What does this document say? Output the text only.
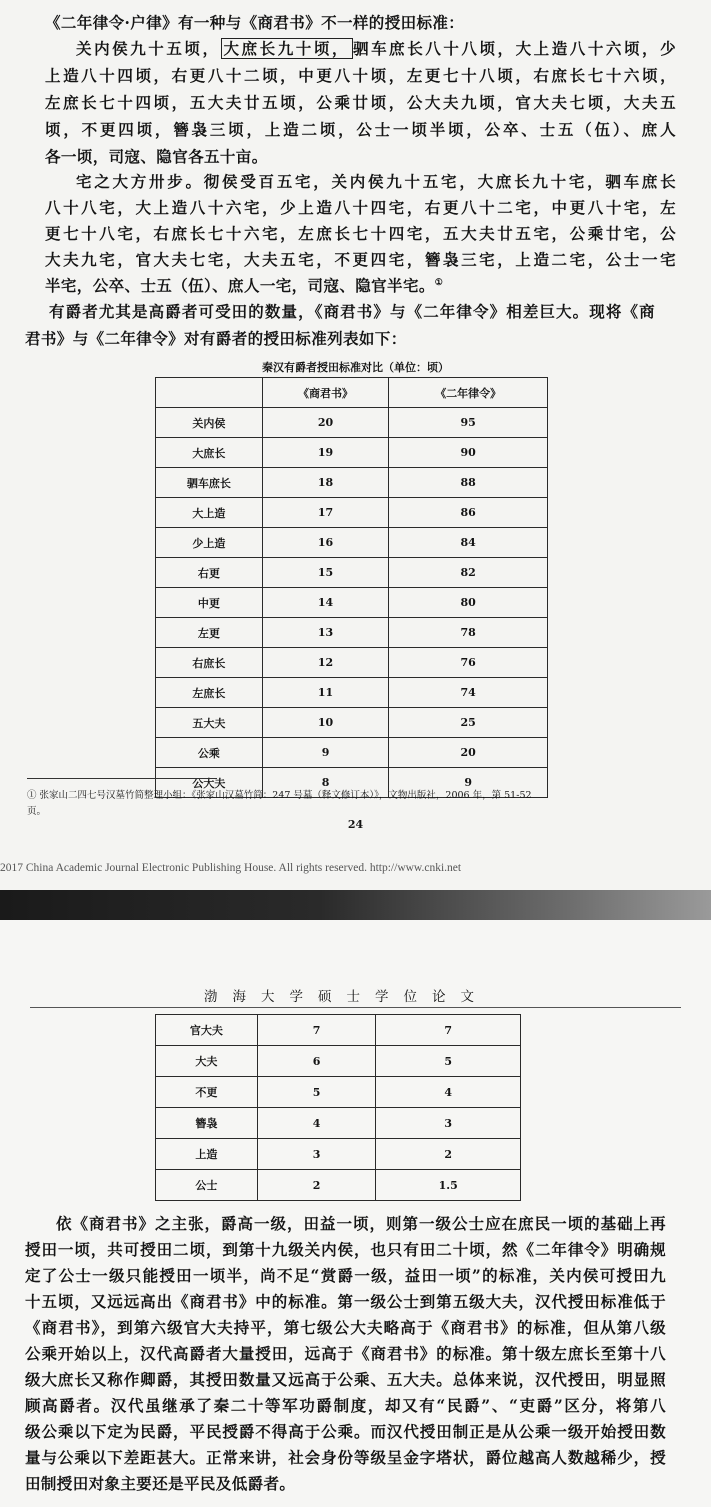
《二年律令·户律》有一种与《商君书》不一样的授田标准：
关内侯九十五顷， 大庶长九十顷， 驷车庶长八十八顷，大上造八十六顷，少
上造八十四顷，右更八十二顷，中更八十顷，左更七十八顷，右庶长七十六顷，
左庶长七十四顷，五大夫廿五顷，公乘廿顷，公大夫九顷，官大夫七顷，大夫五
顷，不更四顷，簪袅三顷，上造二顷，公士一顷半顷，公卒、士五（伍）、庶人
各一顷，司寇、隐官各五十亩。
宅之大方卅步。彻侯受百五宅，关内侯九十五宅，大庶长九十宅，驷车庶长
八十八宅，大上造八十六宅，少上造八十四宅，右更八十二宅，中更八十宅，左
更七十八宅，右庶长七十六宅，左庶长七十四宅，五大夫廿五宅，公乘廿宅，公
大夫九宅，官大夫七宅，大夫五宅，不更四宅，簪袅三宅，上造二宅，公士一宅
半宅，公卒、士五（伍）、庶人一宅，司寇、隐官半宅。①
有爵者尤其是高爵者可受田的数量，《商君书》与《二年律令》相差巨大。现将《商
君书》与《二年律令》对有爵者的授田标准列表如下：
秦汉有爵者授田标准对比（单位：顷）
	《商君书》	《二年律令》
关内侯	20	95
大庶长	19	90
驷车庶长	18	88
大上造	17	86
少上造	16	84
右更	15	82
中更	14	80
左更	13	78
右庶长	12	76
左庶长	11	74
五大夫	10	25
公乘	9	20
公大夫	8	9
① 张家山二四七号汉墓竹简整理小组：《张家山汉墓竹简：247 号墓（释文修订本）》，文物出版社，2006 年，第 51-52
页。
24
2017 China Academic Journal Electronic Publishing House. All rights reserved. http://www.cnki.net
渤海大学硕士学位论文
官大夫	7	7
大夫	6	5
不更	5	4
簪袅	4	3
上造	3	2
公士	2	1.5
依《商君书》之主张，爵高一级，田益一顷，则第一级公士应在庶民一顷的基础上再
授田一顷，共可授田二顷，到第十九级关内侯，也只有田二十顷，然《二年律令》明确规
定了公士一级只能授田一顷半，尚不足“赏爵一级，益田一顷”的标准，关内侯可授田九
十五顷，又远远高出《商君书》中的标准。第一级公士到第五级大夫，汉代授田标准低于
《商君书》，到第六级官大夫持平，第七级公大夫略高于《商君书》的标准，但从第八级
公乘开始以上，汉代高爵者大量授田，远高于《商君书》的标准。第十级左庶长至第十八
级大庶长又称作卿爵，其授田数量又远高于公乘、五大夫。总体来说，汉代授田，明显照
顾高爵者。汉代虽继承了秦二十等军功爵制度，却又有“民爵”、“吏爵”区分，将第八
级公乘以下定为民爵，平民授爵不得高于公乘。而汉代授田制正是从公乘一级开始授田数
量与公乘以下差距甚大。正常来讲，社会身份等级呈金字塔状，爵位越高人数越稀少，授
田制授田对象主要还是平民及低爵者。
